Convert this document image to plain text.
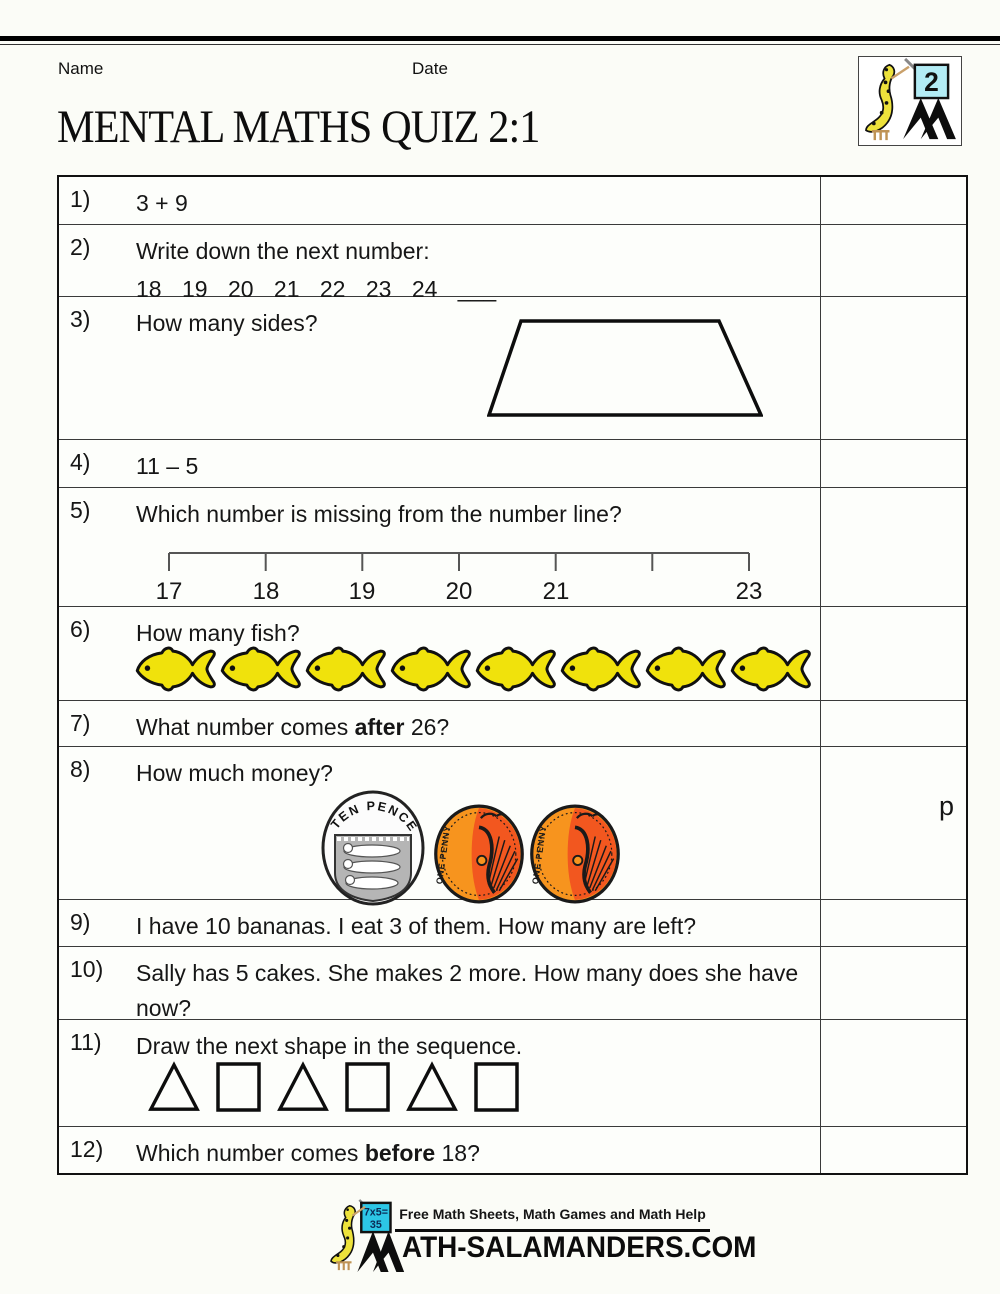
Name	Date
MENTAL MATHS QUIZ 2:1
2
1)	3 + 9
2)	Write down the next number:
18 19 20 21 22 23 24 ___
3)	How many sides?
4)	11 – 5
5)	Which number is missing from the number line?
17	18	19	20	21	23
6)	How many fish?
7)	What number comes after 26?
8)	How much money?
TEN PENCE
p
9)	I have 10 bananas. I eat 3 of them. How many are left?
10)	Sally has 5 cakes. She makes 2 more. How many does she have now?
11)	Draw the next shape in the sequence.
12)	Which number comes before 18?
7x5=
35
Free Math Sheets, Math Games and Math Help
ATH-SALAMANDERS.COM
